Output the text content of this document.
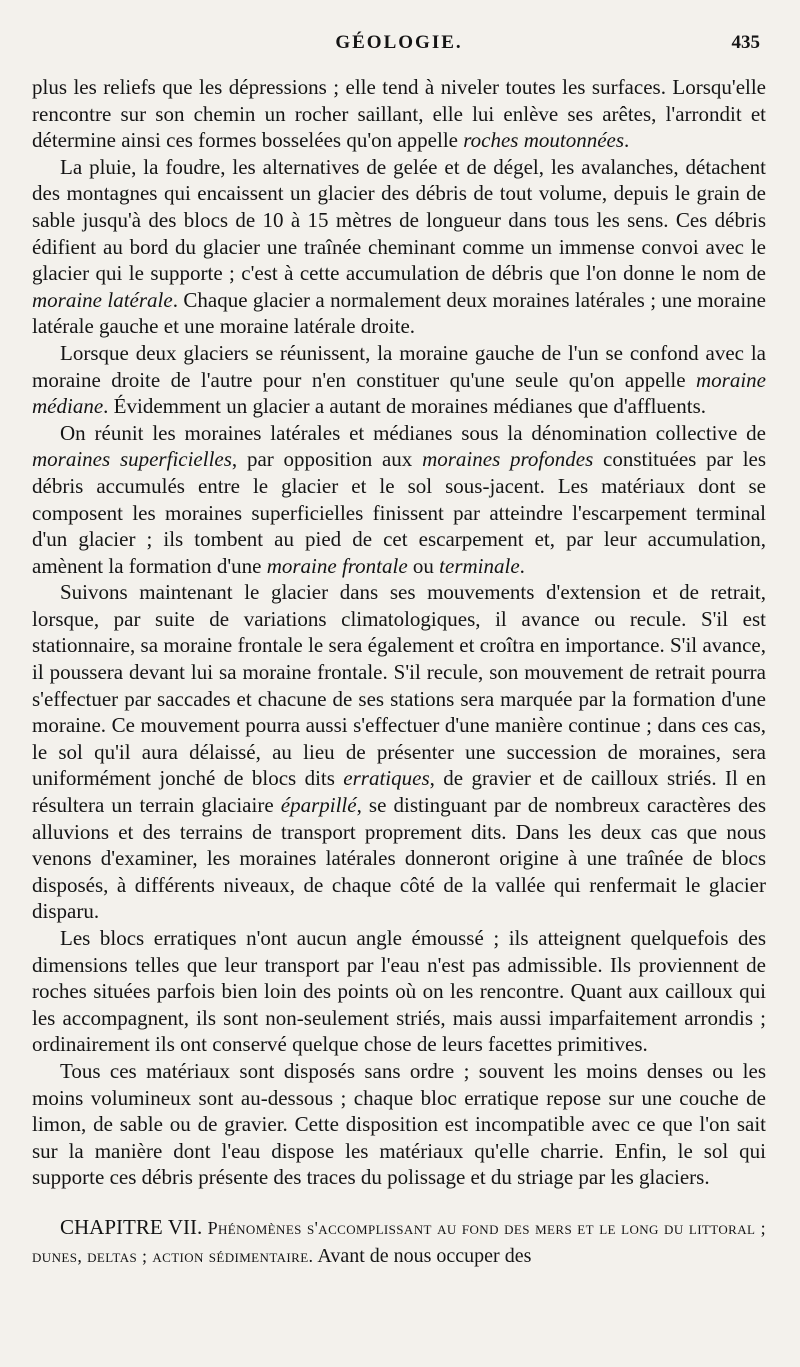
GÉOLOGIE.	435

plus les reliefs que les dépressions ; elle tend à niveler toutes les surfaces. Lorsqu'elle rencontre sur son chemin un rocher saillant, elle lui enlève ses arêtes, l'arrondit et détermine ainsi ces formes bosselées qu'on appelle roches moutonnées.

La pluie, la foudre, les alternatives de gelée et de dégel, les avalanches, détachent des montagnes qui encaissent un glacier des débris de tout volume, depuis le grain de sable jusqu'à des blocs de 10 à 15 mètres de longueur dans tous les sens. Ces débris édifient au bord du glacier une traînée cheminant comme un immense convoi avec le glacier qui le supporte ; c'est à cette accumulation de débris que l'on donne le nom de moraine latérale. Chaque glacier a normalement deux moraines latérales ; une moraine latérale gauche et une moraine latérale droite.

Lorsque deux glaciers se réunissent, la moraine gauche de l'un se confond avec la moraine droite de l'autre pour n'en constituer qu'une seule qu'on appelle moraine médiane. Évidemment un glacier a autant de moraines médianes que d'affluents.

On réunit les moraines latérales et médianes sous la dénomination collective de moraines superficielles, par opposition aux moraines profondes constituées par les débris accumulés entre le glacier et le sol sous-jacent. Les matériaux dont se composent les moraines superficielles finissent par atteindre l'escarpement terminal d'un glacier ; ils tombent au pied de cet escarpement et, par leur accumulation, amènent la formation d'une moraine frontale ou terminale.

Suivons maintenant le glacier dans ses mouvements d'extension et de retrait, lorsque, par suite de variations climatologiques, il avance ou recule. S'il est stationnaire, sa moraine frontale le sera également et croîtra en importance. S'il avance, il poussera devant lui sa moraine frontale. S'il recule, son mouvement de retrait pourra s'effectuer par saccades et chacune de ses stations sera marquée par la formation d'une moraine. Ce mouvement pourra aussi s'effectuer d'une manière continue ; dans ces cas, le sol qu'il aura délaissé, au lieu de présenter une succession de moraines, sera uniformément jonché de blocs dits erratiques, de gravier et de cailloux striés. Il en résultera un terrain glaciaire éparpillé, se distinguant par de nombreux caractères des alluvions et des terrains de transport proprement dits. Dans les deux cas que nous venons d'examiner, les moraines latérales donneront origine à une traînée de blocs disposés, à différents niveaux, de chaque côté de la vallée qui renfermait le glacier disparu.

Les blocs erratiques n'ont aucun angle émoussé ; ils atteignent quelquefois des dimensions telles que leur transport par l'eau n'est pas admissible. Ils proviennent de roches situées parfois bien loin des points où on les rencontre. Quant aux cailloux qui les accompagnent, ils sont non-seulement striés, mais aussi imparfaitement arrondis ; ordinairement ils ont conservé quelque chose de leurs facettes primitives.

Tous ces matériaux sont disposés sans ordre ; souvent les moins denses ou les moins volumineux sont au-dessous ; chaque bloc erratique repose sur une couche de limon, de sable ou de gravier. Cette disposition est incompatible avec ce que l'on sait sur la manière dont l'eau dispose les matériaux qu'elle charrie. Enfin, le sol qui supporte ces débris présente des traces du polissage et du striage par les glaciers.

CHAPITRE VII. Phénomènes s'accomplissant au fond des mers et le long du littoral ; dunes, deltas ; action sédimentaire. Avant de nous occuper des
